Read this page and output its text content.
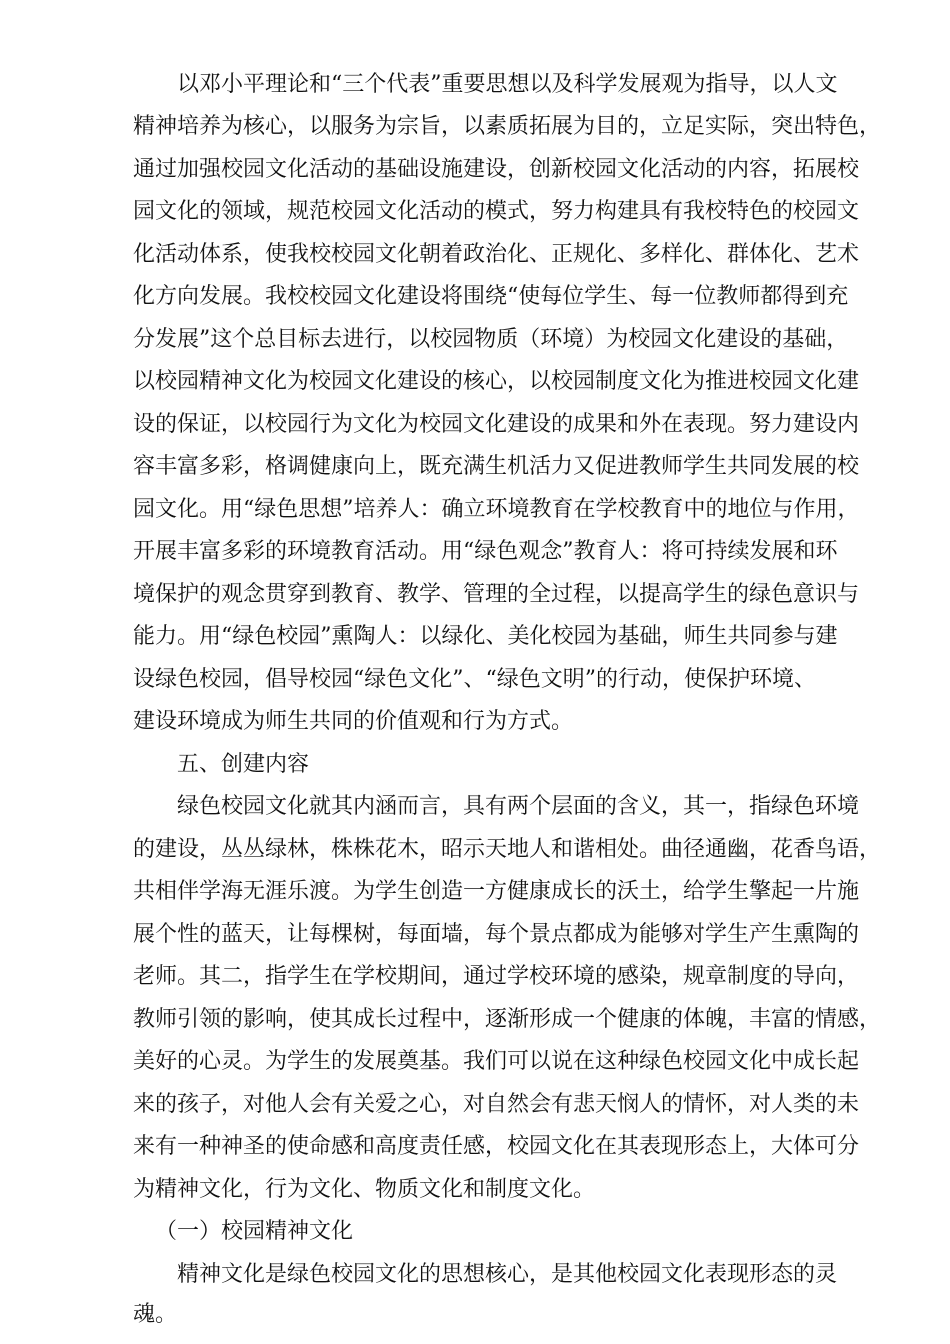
以邓小平理论和“三个代表”重要思想以及科学发展观为指导，以人文
精神培养为核心，以服务为宗旨，以素质拓展为目的，立足实际，突出特色，
通过加强校园文化活动的基础设施建设，创新校园文化活动的内容，拓展校
园文化的领域，规范校园文化活动的模式，努力构建具有我校特色的校园文
化活动体系，使我校校园文化朝着政治化、正规化、多样化、群体化、艺术
化方向发展。我校校园文化建设将围绕“使每位学生、每一位教师都得到充
分发展”这个总目标去进行，以校园物质（环境）为校园文化建设的基础，
以校园精神文化为校园文化建设的核心，以校园制度文化为推进校园文化建
设的保证，以校园行为文化为校园文化建设的成果和外在表现。努力建设内
容丰富多彩，格调健康向上，既充满生机活力又促进教师学生共同发展的校
园文化。用“绿色思想”培养人：确立环境教育在学校教育中的地位与作用，
开展丰富多彩的环境教育活动。用“绿色观念”教育人：将可持续发展和环
境保护的观念贯穿到教育、教学、管理的全过程，以提高学生的绿色意识与
能力。用“绿色校园”熏陶人：以绿化、美化校园为基础，师生共同参与建
设绿色校园，倡导校园“绿色文化”、“绿色文明”的行动，使保护环境、
建设环境成为师生共同的价值观和行为方式。
五、创建内容
绿色校园文化就其内涵而言，具有两个层面的含义，其一，指绿色环境
的建设，丛丛绿林，株株花木，昭示天地人和谐相处。曲径通幽，花香鸟语，
共相伴学海无涯乐渡。为学生创造一方健康成长的沃土，给学生擎起一片施
展个性的蓝天，让每棵树，每面墙，每个景点都成为能够对学生产生熏陶的
老师。其二，指学生在学校期间，通过学校环境的感染，规章制度的导向，
教师引领的影响，使其成长过程中，逐渐形成一个健康的体魄，丰富的情感，
美好的心灵。为学生的发展奠基。我们可以说在这种绿色校园文化中成长起
来的孩子，对他人会有关爱之心，对自然会有悲天悯人的情怀，对人类的未
来有一种神圣的使命感和高度责任感，校园文化在其表现形态上，大体可分
为精神文化，行为文化、物质文化和制度文化。
（一）校园精神文化
精神文化是绿色校园文化的思想核心，是其他校园文化表现形态的灵
魂。
